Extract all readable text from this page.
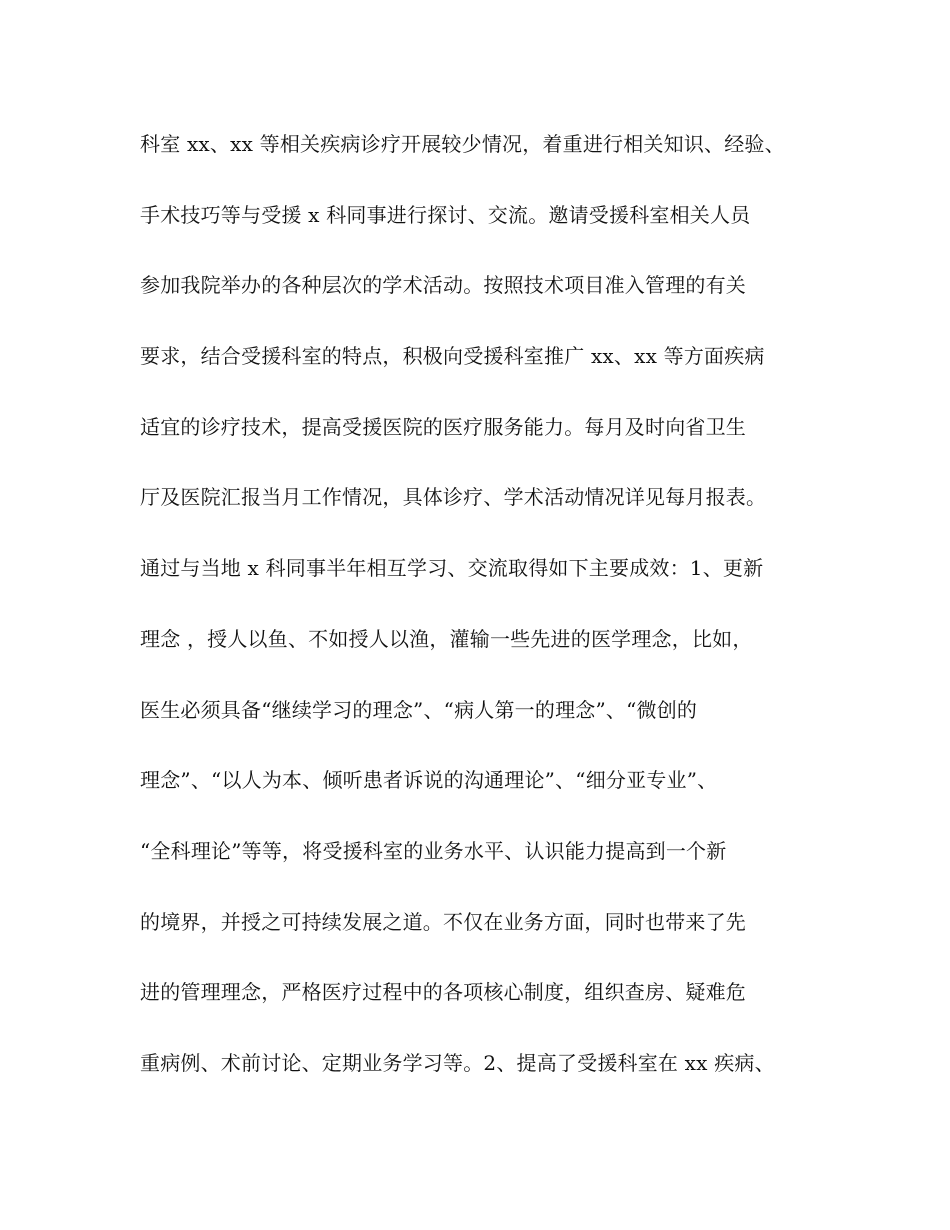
科室 xx、xx 等相关疾病诊疗开展较少情况，着重进行相关知识、经验、
手术技巧等与受援 x 科同事进行探讨、交流。邀请受援科室相关人员
参加我院举办的各种层次的学术活动。按照技术项目准入管理的有关
要求，结合受援科室的特点，积极向受援科室推广 xx、xx 等方面疾病
适宜的诊疗技术，提高受援医院的医疗服务能力。每月及时向省卫生
厅及医院汇报当月工作情况，具体诊疗、学术活动情况详见每月报表。
通过与当地 x 科同事半年相互学习、交流取得如下主要成效：1、更新
理念 ，授人以鱼、不如授人以渔，灌输一些先进的医学理念，比如，
医生必须具备“继续学习的理念”、“病人第一的理念”、“微创的
理念”、“以人为本、倾听患者诉说的沟通理论”、“细分亚专业”、
“全科理论”等等，将受援科室的业务水平、认识能力提高到一个新
的境界，并授之可持续发展之道。不仅在业务方面，同时也带来了先
进的管理理念，严格医疗过程中的各项核心制度，组织查房、疑难危
重病例、术前讨论、定期业务学习等。2、提高了受援科室在 xx 疾病、
